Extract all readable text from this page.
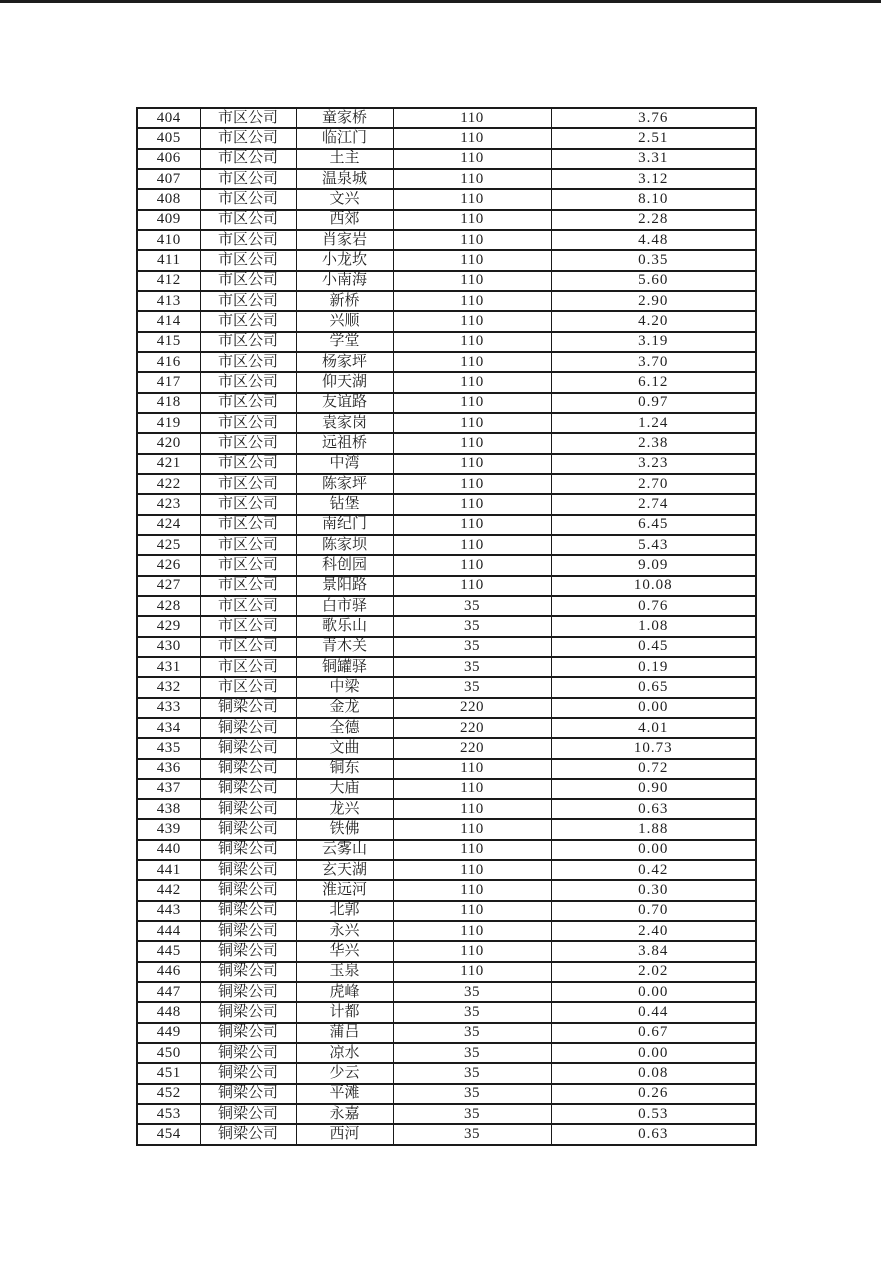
404	市区公司	童家桥	110	3.76
405	市区公司	临江门	110	2.51
406	市区公司	土主	110	3.31
407	市区公司	温泉城	110	3.12
408	市区公司	文兴	110	8.10
409	市区公司	西郊	110	2.28
410	市区公司	肖家岩	110	4.48
411	市区公司	小龙坎	110	0.35
412	市区公司	小南海	110	5.60
413	市区公司	新桥	110	2.90
414	市区公司	兴顺	110	4.20
415	市区公司	学堂	110	3.19
416	市区公司	杨家坪	110	3.70
417	市区公司	仰天湖	110	6.12
418	市区公司	友谊路	110	0.97
419	市区公司	袁家岗	110	1.24
420	市区公司	远祖桥	110	2.38
421	市区公司	中湾	110	3.23
422	市区公司	陈家坪	110	2.70
423	市区公司	钻堡	110	2.74
424	市区公司	南纪门	110	6.45
425	市区公司	陈家坝	110	5.43
426	市区公司	科创园	110	9.09
427	市区公司	景阳路	110	10.08
428	市区公司	白市驿	35	0.76
429	市区公司	歌乐山	35	1.08
430	市区公司	青木关	35	0.45
431	市区公司	铜罐驿	35	0.19
432	市区公司	中梁	35	0.65
433	铜梁公司	金龙	220	0.00
434	铜梁公司	全德	220	4.01
435	铜梁公司	文曲	220	10.73
436	铜梁公司	铜东	110	0.72
437	铜梁公司	大庙	110	0.90
438	铜梁公司	龙兴	110	0.63
439	铜梁公司	铁佛	110	1.88
440	铜梁公司	云雾山	110	0.00
441	铜梁公司	玄天湖	110	0.42
442	铜梁公司	淮远河	110	0.30
443	铜梁公司	北郭	110	0.70
444	铜梁公司	永兴	110	2.40
445	铜梁公司	华兴	110	3.84
446	铜梁公司	玉泉	110	2.02
447	铜梁公司	虎峰	35	0.00
448	铜梁公司	计都	35	0.44
449	铜梁公司	蒲吕	35	0.67
450	铜梁公司	凉水	35	0.00
451	铜梁公司	少云	35	0.08
452	铜梁公司	平滩	35	0.26
453	铜梁公司	永嘉	35	0.53
454	铜梁公司	西河	35	0.63
